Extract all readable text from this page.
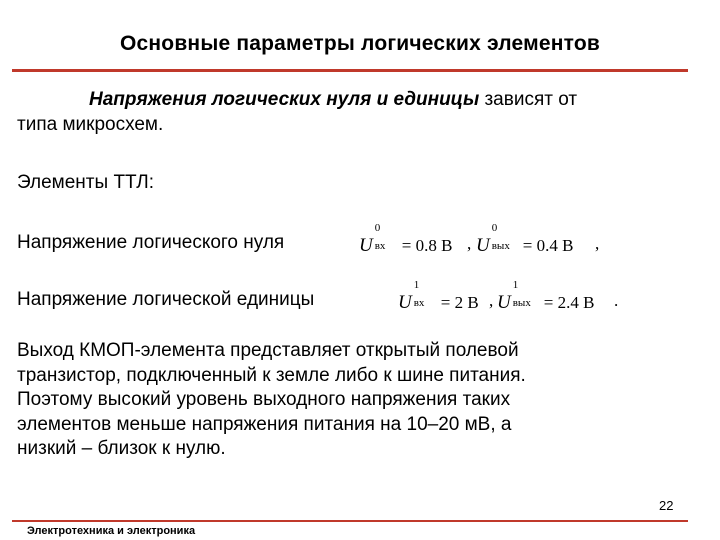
Основные параметры логических элементов
Напряжения логических нуля и единицы зависят от
типа микросхем.
Элементы ТТЛ:
Напряжение логического нуля	U
0
вх = 0.8 В , U
0
вых = 0.4 В ,
Напряжение логической единицы	U
1
вх = 2 В , U
1
вых = 2.4 В .
Выход КМОП-элемента представляет открытый полевой
транзистор, подключенный к земле либо к шине питания.
Поэтому высокий уровень выходного напряжения таких
элементов меньше напряжения питания на 10–20 мВ, а
низкий – близок к нулю.
22
Электротехника и электроника
